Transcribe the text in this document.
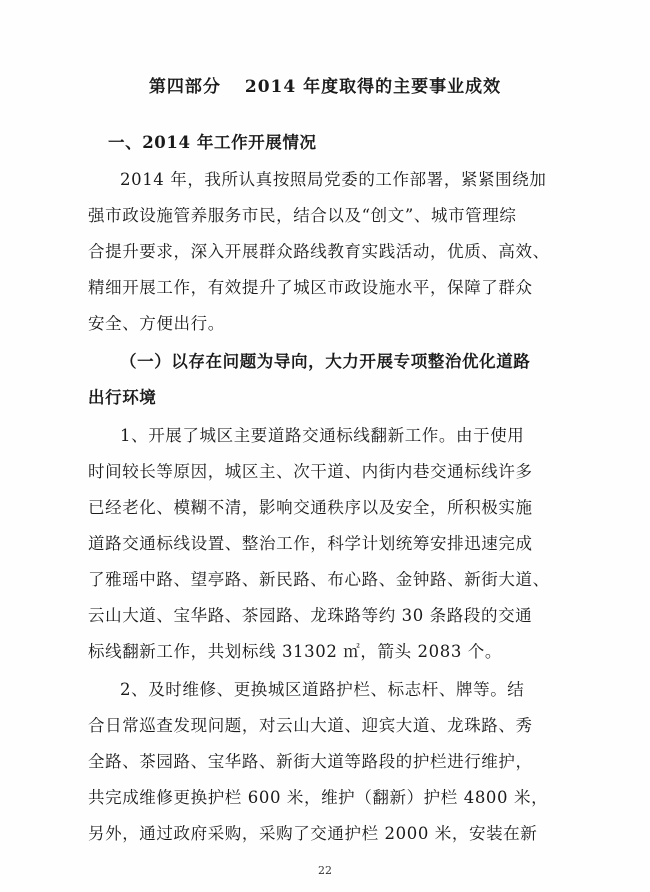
第四部分 2014 年度取得的主要事业成效
一、2014 年工作开展情况
2014 年，我所认真按照局党委的工作部署，紧紧围绕加
强市政设施管养服务市民，结合以及“创文”、城市管理综
合提升要求，深入开展群众路线教育实践活动，优质、高效、
精细开展工作，有效提升了城区市政设施水平，保障了群众
安全、方便出行。
（一）以存在问题为导向，大力开展专项整治优化道路
出行环境
1、开展了城区主要道路交通标线翻新工作。由于使用
时间较长等原因，城区主、次干道、内街内巷交通标线许多
已经老化、模糊不清，影响交通秩序以及安全，所积极实施
道路交通标线设置、整治工作，科学计划统筹安排迅速完成
了雅瑶中路、望亭路、新民路、布心路、金钟路、新街大道、
云山大道、宝华路、茶园路、龙珠路等约 30 条路段的交通
标线翻新工作，共划标线 31302 ㎡，箭头 2083 个。
2、及时维修、更换城区道路护栏、标志杆、牌等。结
合日常巡查发现问题，对云山大道、迎宾大道、龙珠路、秀
全路、茶园路、宝华路、新街大道等路段的护栏进行维护，
共完成维修更换护栏 600 米，维护（翻新）护栏 4800 米，
另外，通过政府采购，采购了交通护栏 2000 米，安装在新
22
